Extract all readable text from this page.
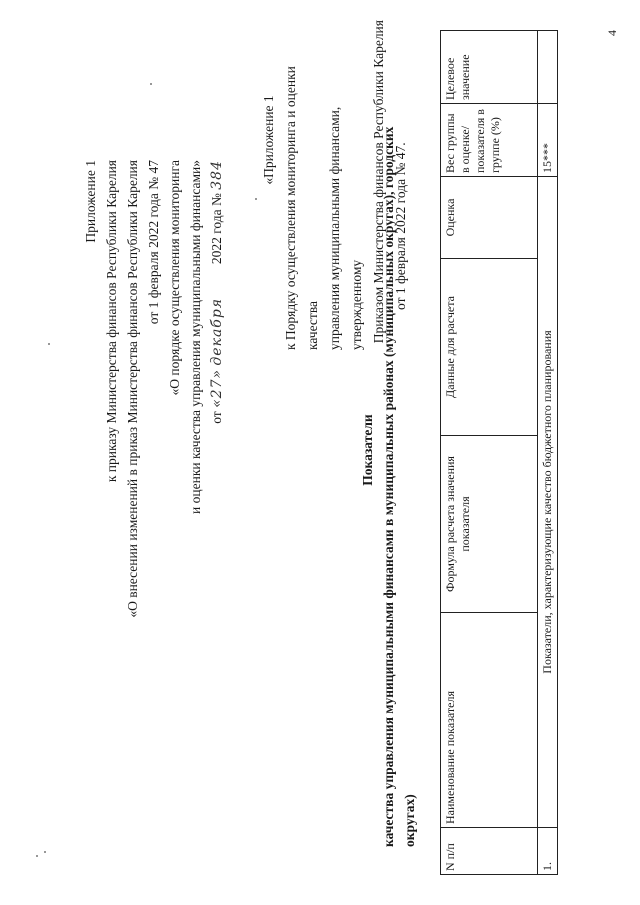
Приложение 1 к приказу Министерства финансов Республики Карелия «О внесении изменений в приказ Министерства финансов Республики Карелия от 1 февраля 2022 года № 47 «О порядке осуществления мониторинга и оценки качества управления муниципальными финансами» от «27» декабря          2022 года № 384	«Приложение 1 к Порядку осуществления мониторинга и оценки качества управления муниципальными финансами, утвержденному Приказом Министерства финансов Республики Карелия от 1 февраля 2022 года № 47.
Показатели качества управления муниципальными финансами в муниципальных районах (муниципальных округах), городских округах)
N п/п	Наименование показателя	Формула расчета значения показателя	Данные для расчета	Оценка	Вес группы в оценке/ показателя в группе (%)	Целевое значение
1.	Показатели, характеризующие качество бюджетного планирования				15***	
4
